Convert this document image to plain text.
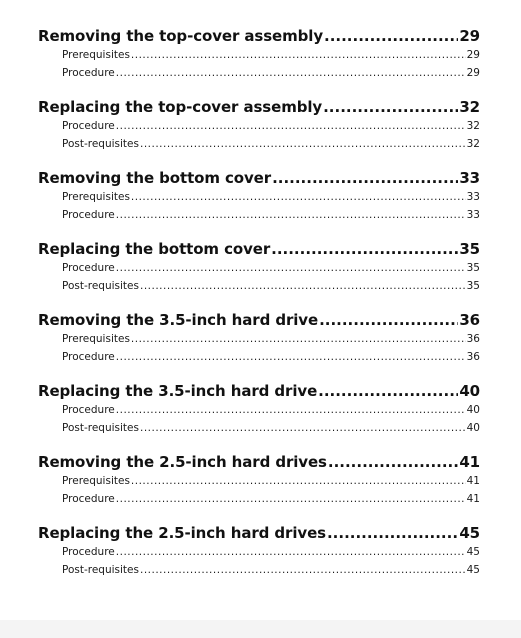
Removing the top-cover assembly .....	29
Prerequisites .....	29
Procedure .....	29
Replacing the top-cover assembly .....	32
Procedure .....	32
Post-requisites .....	32
Removing the bottom cover .....	33
Prerequisites .....	33
Procedure .....	33
Replacing the bottom cover .....	35
Procedure .....	35
Post-requisites .....	35
Removing the 3.5-inch hard drive .....	36
Prerequisites .....	36
Procedure .....	36
Replacing the 3.5-inch hard drive .....	40
Procedure .....	40
Post-requisites .....	40
Removing the 2.5-inch hard drives .....	41
Prerequisites .....	41
Procedure .....	41
Replacing the 2.5-inch hard drives .....	45
Procedure .....	45
Post-requisites .....	45
